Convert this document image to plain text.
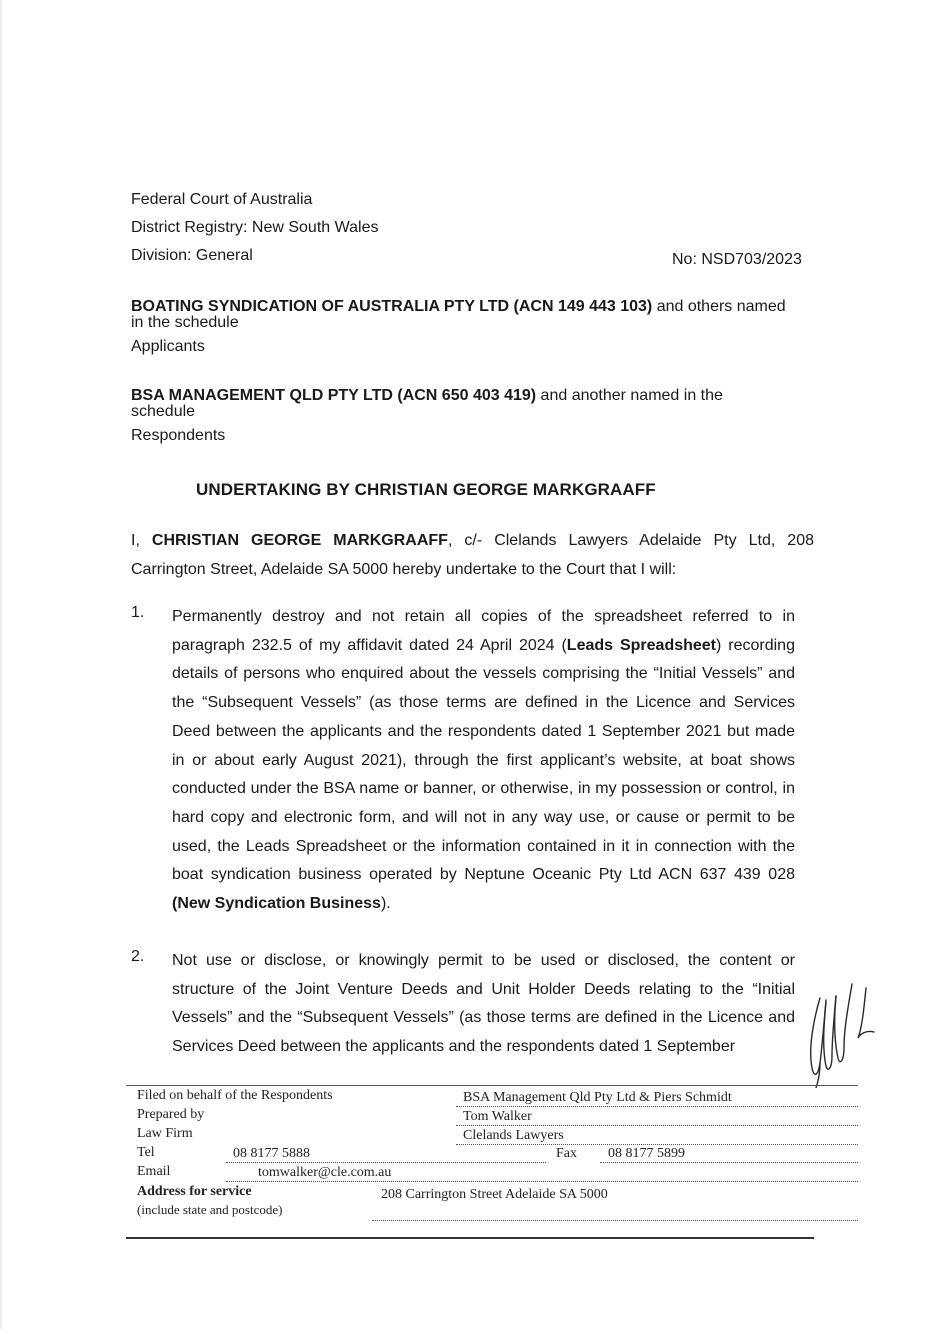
Federal Court of Australia
District Registry: New South Wales
Division: General	No: NSD703/2023
BOATING SYNDICATION OF AUSTRALIA PTY LTD (ACN 149 443 103) and others named
in the schedule
Applicants
BSA MANAGEMENT QLD PTY LTD (ACN 650 403 419) and another named in the
schedule
Respondents
UNDERTAKING BY CHRISTIAN GEORGE MARKGRAAFF
I, CHRISTIAN GEORGE MARKGRAAFF, c/- Clelands Lawyers Adelaide Pty Ltd, 208 Carrington Street, Adelaide SA 5000 hereby undertake to the Court that I will:
1. Permanently destroy and not retain all copies of the spreadsheet referred to in paragraph 232.5 of my affidavit dated 24 April 2024 (Leads Spreadsheet) recording details of persons who enquired about the vessels comprising the “Initial Vessels” and the “Subsequent Vessels” (as those terms are defined in the Licence and Services Deed between the applicants and the respondents dated 1 September 2021 but made in or about early August 2021), through the first applicant’s website, at boat shows conducted under the BSA name or banner, or otherwise, in my possession or control, in hard copy and electronic form, and will not in any way use, or cause or permit to be used, the Leads Spreadsheet or the information contained in it in connection with the boat syndication business operated by Neptune Oceanic Pty Ltd ACN 637 439 028 (New Syndication Business).
2. Not use or disclose, or knowingly permit to be used or disclosed, the content or structure of the Joint Venture Deeds and Unit Holder Deeds relating to the “Initial Vessels” and the “Subsequent Vessels” (as those terms are defined in the Licence and Services Deed between the applicants and the respondents dated 1 September
Filed on behalf of the Respondents	BSA Management Qld Pty Ltd & Piers Schmidt
Prepared by	Tom Walker
Law Firm	Clelands Lawyers
Tel	08 8177 5888	Fax 08 8177 5899
Email	tomwalker@cle.com.au
Address for service
(include state and postcode)
208 Carrington Street Adelaide SA 5000
